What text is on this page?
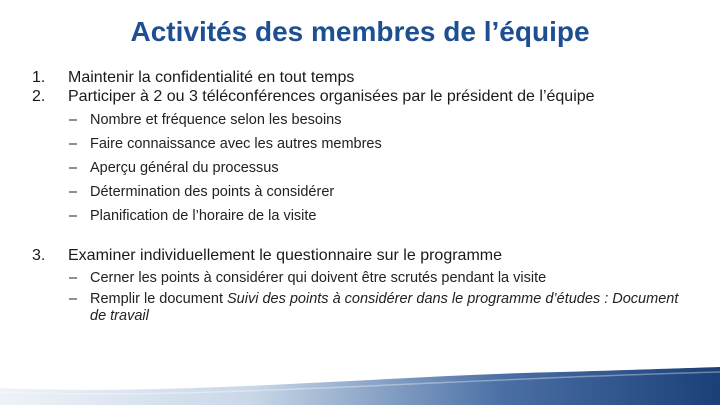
Activités des membres de l’équipe
1. Maintenir la confidentialité en tout temps
2. Participer à 2 ou 3 téléconférences organisées par le président de l’équipe
– Nombre et fréquence selon les besoins
– Faire connaissance avec les autres membres
– Aperçu général du processus
– Détermination des points à considérer
– Planification de l’horaire de la visite
3. Examiner individuellement le questionnaire sur le programme
– Cerner les points à considérer qui doivent être scrutés pendant la visite
– Remplir le document Suivi des points à considérer dans le programme d’études : Document de travail
